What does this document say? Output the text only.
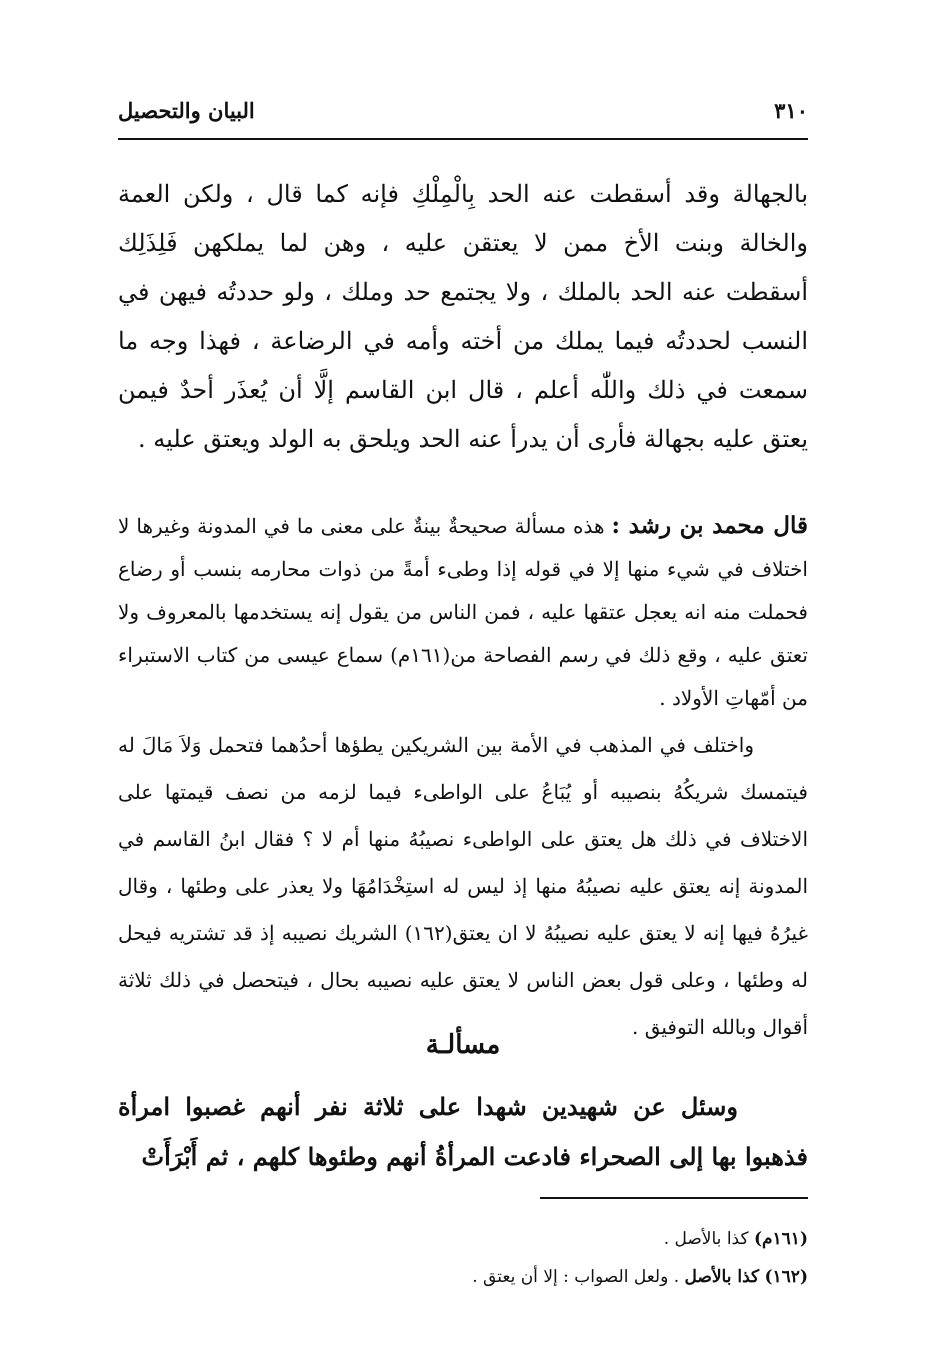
البيان والتحصيل	٣١٠

بالجهالة وقد أسقطت عنه الحد بِالْمِلْكِ فإنه كما قال ، ولكن العمة والخالة وبنت الأخ ممن لا يعتقن عليه ، وهن لما يملكهن فَلِذَلِك أسقطت عنه الحد بالملك ، ولا يجتمع حد وملك ، ولو حددتُه فيهن في النسب لحددتُه فيما يملك من أخته وأمه في الرضاعة ، فهذا وجه ما سمعت في ذلك واللّٰه أعلم ، قال ابن القاسم إلَّا أن يُعذَر أحدٌ فيمن يعتق عليه بجهالة فأرى أن يدرأ عنه الحد ويلحق به الولد ويعتق عليه .

قال محمد بن رشد : هذه مسألة صحيحةٌ بينةٌ على معنى ما في المدونة وغيرها لا اختلاف في شيء منها إلا في قوله إذا وطىء أمةً من ذوات محارمه بنسب أو رضاع فحملت منه انه يعجل عتقها عليه ، فمن الناس من يقول إنه يستخدمها بالمعروف ولا تعتق عليه ، وقع ذلك في رسم الفصاحة من(١٦١م) سماع عيسى من كتاب الاستبراء من أمّهاتِ الأولاد .

واختلف في المذهب في الأمة بين الشريكين يطؤها أحدُهما فتحمل وَلاَ مَالَ له فيتمسك شريكُهُ بنصيبه أو يُبَاعُ على الواطىء فيما لزمه من نصف قيمتها على الاختلاف في ذلك هل يعتق على الواطىء نصيبُهُ منها أم لا ؟ فقال ابنُ القاسم في المدونة إنه يعتق عليه نصيبُهُ منها إذ ليس له استِخْدَامُهَا ولا يعذر على وطئها ، وقال غيرُهُ فيها إنه لا يعتق عليه نصيبُهُ لا ان يعتق(١٦٢) الشريك نصيبه إذ قد تشتريه فيحل له وطئها ، وعلى قول بعض الناس لا يعتق عليه نصيبه بحال ، فيتحصل في ذلك ثلاثة أقوال وبالله التوفيق .

مسألـة

وسئل عن شهيدين شهدا على ثلاثة نفر أنهم غصبوا امرأة فذهبوا بها إلى الصحراء فادعت المرأةُ أنهم وطئوها كلهم ، ثم أَبْرَأَتْ

(١٦١م) كذا بالأصل .
(١٦٢) كذا بالأصل . ولعل الصواب : إلا أن يعتق .
